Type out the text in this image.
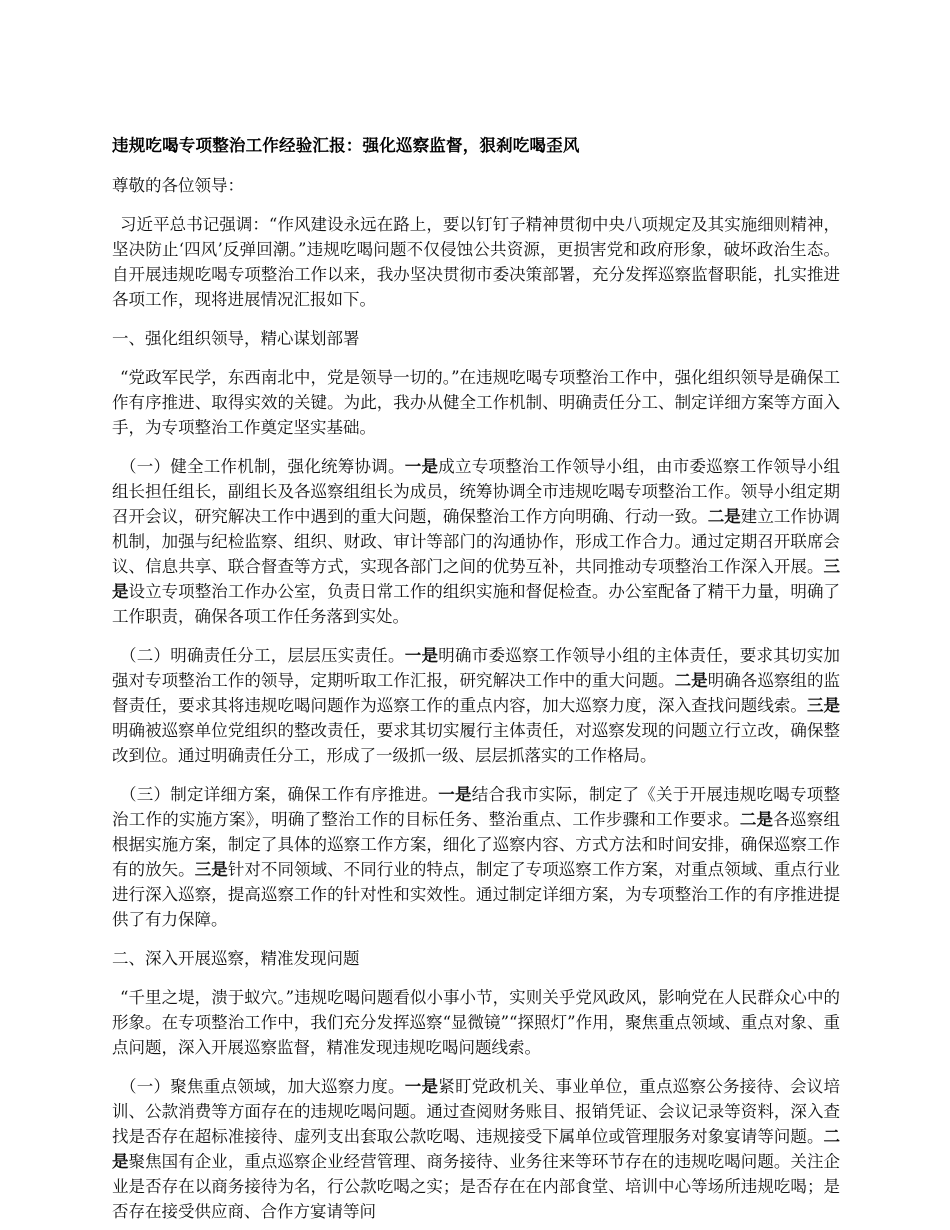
违规吃喝专项整治工作经验汇报：强化巡察监督，狠刹吃喝歪风

尊敬的各位领导：

习近平总书记强调：“作风建设永远在路上，要以钉钉子精神贯彻中央八项规定及其实施细则精神，坚决防止‘四风’反弹回潮。”违规吃喝问题不仅侵蚀公共资源，更损害党和政府形象，破坏政治生态。自开展违规吃喝专项整治工作以来，我办坚决贯彻市委决策部署，充分发挥巡察监督职能，扎实推进各项工作，现将进展情况汇报如下。

一、强化组织领导，精心谋划部署

“党政军民学，东西南北中，党是领导一切的。”在违规吃喝专项整治工作中，强化组织领导是确保工作有序推进、取得实效的关键。为此，我办从健全工作机制、明确责任分工、制定详细方案等方面入手，为专项整治工作奠定坚实基础。

（一）健全工作机制，强化统筹协调。一是成立专项整治工作领导小组，由市委巡察工作领导小组组长担任组长，副组长及各巡察组组长为成员，统筹协调全市违规吃喝专项整治工作。领导小组定期召开会议，研究解决工作中遇到的重大问题，确保整治工作方向明确、行动一致。二是建立工作协调机制，加强与纪检监察、组织、财政、审计等部门的沟通协作，形成工作合力。通过定期召开联席会议、信息共享、联合督查等方式，实现各部门之间的优势互补，共同推动专项整治工作深入开展。三是设立专项整治工作办公室，负责日常工作的组织实施和督促检查。办公室配备了精干力量，明确了工作职责，确保各项工作任务落到实处。

（二）明确责任分工，层层压实责任。一是明确市委巡察工作领导小组的主体责任，要求其切实加强对专项整治工作的领导，定期听取工作汇报，研究解决工作中的重大问题。二是明确各巡察组的监督责任，要求其将违规吃喝问题作为巡察工作的重点内容，加大巡察力度，深入查找问题线索。三是明确被巡察单位党组织的整改责任，要求其切实履行主体责任，对巡察发现的问题立行立改，确保整改到位。通过明确责任分工，形成了一级抓一级、层层抓落实的工作格局。

（三）制定详细方案，确保工作有序推进。一是结合我市实际，制定了《关于开展违规吃喝专项整治工作的实施方案》，明确了整治工作的目标任务、整治重点、工作步骤和工作要求。二是各巡察组根据实施方案，制定了具体的巡察工作方案，细化了巡察内容、方式方法和时间安排，确保巡察工作有的放矢。三是针对不同领域、不同行业的特点，制定了专项巡察工作方案，对重点领域、重点行业进行深入巡察，提高巡察工作的针对性和实效性。通过制定详细方案，为专项整治工作的有序推进提供了有力保障。

二、深入开展巡察，精准发现问题

“千里之堤，溃于蚁穴。”违规吃喝问题看似小事小节，实则关乎党风政风，影响党在人民群众心中的形象。在专项整治工作中，我们充分发挥巡察“显微镜”“探照灯”作用，聚焦重点领域、重点对象、重点问题，深入开展巡察监督，精准发现违规吃喝问题线索。

（一）聚焦重点领域，加大巡察力度。一是紧盯党政机关、事业单位，重点巡察公务接待、会议培训、公款消费等方面存在的违规吃喝问题。通过查阅财务账目、报销凭证、会议记录等资料，深入查找是否存在超标准接待、虚列支出套取公款吃喝、违规接受下属单位或管理服务对象宴请等问题。二是聚焦国有企业，重点巡察企业经营管理、商务接待、业务往来等环节存在的违规吃喝问题。关注企业是否存在以商务接待为名，行公款吃喝之实；是否存在在内部食堂、培训中心等场所违规吃喝；是否存在接受供应商、合作方宴请等问
